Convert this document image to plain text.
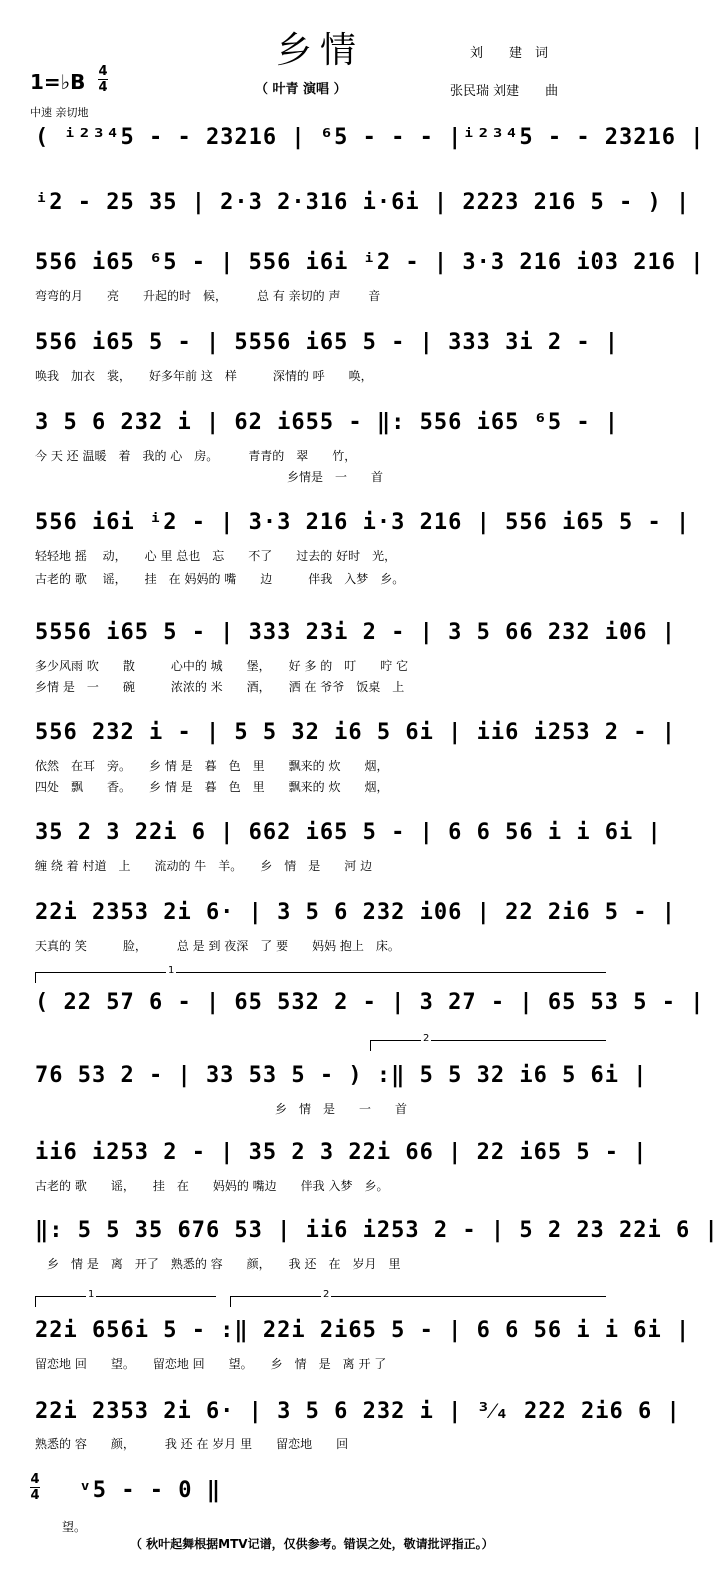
乡情	刘　　建　词
张民瑞 刘建　　曲
1=♭B 4
4
中速 亲切地
（ 叶青 演唱 ）
( ⁱ²³⁴5 - - 23216 | ⁶5 - - - |ⁱ²³⁴5 - - 23216 |
ⁱ2 - 25 35 | 2·3 2·316 i·6i | 2223 216 5 - ) |
556 i65 ⁶5 - | 556 i6i ⁱ2 - | 3·3 216 i03 216 |
弯弯的月　　亮　　升起的时　候，　　　总 有 亲切的 声　　 音
556 i65 5 - | 5556 i65 5 - | 333 3i 2 - |
唤我　加衣　裳，　　好多年前 这　样　　　深情的 呼　　唤，
3 5 6 232 i | 62 i655 - ‖: 556 i65 ⁶5 - |
今 天 还 温暖　着　我的 心　房。　　　青青的　翠　　竹，
　　　　　　　　　　　　　　　　　　　　　乡情是　一　　首
556 i6i ⁱ2 - | 3·3 216 i·3 216 | 556 i65 5 - |
轻轻地 摇　 动，　　心 里 总也　忘　　不了　　过去的 好时　光，
古老的 歌　 谣，　　挂　在 妈妈的 嘴　　边　　　伴我　入梦　乡。
5556 i65 5 - | 333 23i 2 - | 3 5 66 232 i06 |
多少风雨 吹　　散　　　心中的 城　　堡，　　好 多 的　叮　　咛 它
乡情 是　一　　碗　　　浓浓的 米　　酒，　　洒 在 爷爷　饭桌　上
556 232 i - | 5 5 32 i6 5 6i | ii6 i253 2 - |
依然　在耳　旁。　　乡 情 是　暮　色　里　　飘来的 炊　　烟，
四处　飘　　香。　　乡 情 是　暮　色　里　　飘来的 炊　　烟，
35 2 3 22i 6 | 662 i65 5 - | 6 6 56 i i 6i |
缠 绕 着 村道　上　　流动的 牛　羊。　　乡　情　是　　河 边
22i 2353 2i 6· | 3 5 6 232 i06 | 22 2i6 5 - |
天真的 笑　　　脸，　　　总 是 到 夜深　了 要　　妈妈 抱上　床。
1
( 22 57 6 - | 65 532 2 - | 3 27 - | 65 53 5 - |
2
76 53 2 - | 33 53 5 - ) :‖ 5 5 32 i6 5 6i |
　　　　　　　　　　　　　　　　　　　　乡　情　是　　一　　首
ii6 i253 2 - | 35 2 3 22i 66 | 22 i65 5 - |
古老的 歌　　谣，　　挂　在　　妈妈的 嘴边　　伴我 入梦　乡。
‖: 5 5 35 676 53 | ii6 i253 2 - | 5 2 23 22i 6 |
　乡　情 是　离　开了　熟悉的 容　　颜，　　我 还　在　岁月　里
1	2
22i 656i 5 - :‖ 22i 2i65 5 - | 6 6 56 i i 6i |
留恋地 回　　望。　　留恋地 回　　望。　　乡　情　是　离 开 了
22i 2353 2i 6· | 3 5 6 232 i | ³⁄₄ 222 2i6 6 |
熟悉的 容　　颜，　　　我 还 在 岁月 里　　留恋地　　回
4
4 ᵛ5 - - 0 ‖
　望。
（ 秋叶起舞根据MTV记谱，仅供参考。错误之处，敬请批评指正。）
